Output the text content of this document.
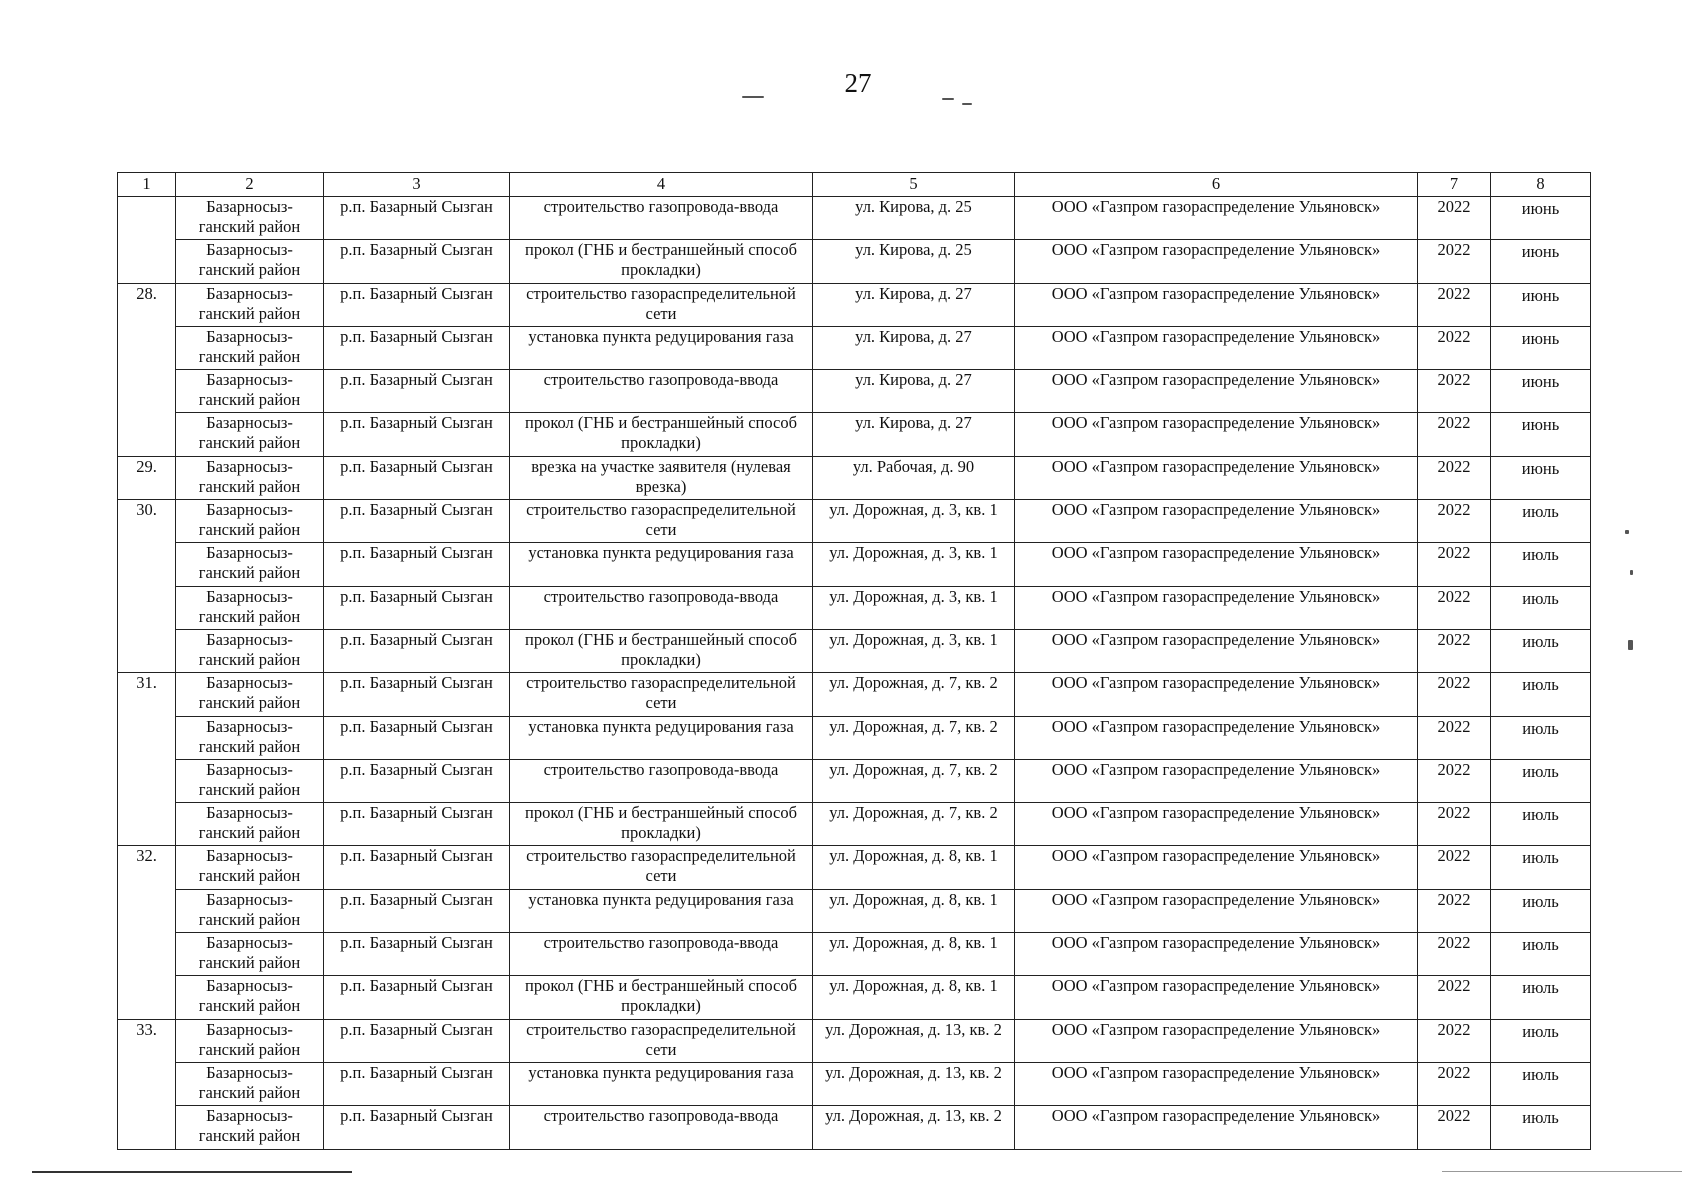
27
1	2	3	4	5	6	7	8
	Базарносыз-ганский район	р.п. Базарный Сызган	строительство газопровода-ввода	ул. Кирова, д. 25	ООО «Газпром газораспределение Ульяновск»	2022	июнь
	Базарносыз-ганский район	р.п. Базарный Сызган	прокол (ГНБ и бестраншейный способ прокладки)	ул. Кирова, д. 25	ООО «Газпром газораспределение Ульяновск»	2022	июнь
28.	Базарносыз-ганский район	р.п. Базарный Сызган	строительство газораспределительной сети	ул. Кирова, д. 27	ООО «Газпром газораспределение Ульяновск»	2022	июнь
	Базарносыз-ганский район	р.п. Базарный Сызган	установка пункта редуцирования газа	ул. Кирова, д. 27	ООО «Газпром газораспределение Ульяновск»	2022	июнь
	Базарносыз-ганский район	р.п. Базарный Сызган	строительство газопровода-ввода	ул. Кирова, д. 27	ООО «Газпром газораспределение Ульяновск»	2022	июнь
	Базарносыз-ганский район	р.п. Базарный Сызган	прокол (ГНБ и бестраншейный способ прокладки)	ул. Кирова, д. 27	ООО «Газпром газораспределение Ульяновск»	2022	июнь
29.	Базарносыз-ганский район	р.п. Базарный Сызган	врезка на участке заявителя (нулевая врезка)	ул. Рабочая, д. 90	ООО «Газпром газораспределение Ульяновск»	2022	июнь
30.	Базарносыз-ганский район	р.п. Базарный Сызган	строительство газораспределительной сети	ул. Дорожная, д. 3, кв. 1	ООО «Газпром газораспределение Ульяновск»	2022	июль
	Базарносыз-ганский район	р.п. Базарный Сызган	установка пункта редуцирования газа	ул. Дорожная, д. 3, кв. 1	ООО «Газпром газораспределение Ульяновск»	2022	июль
	Базарносыз-ганский район	р.п. Базарный Сызган	строительство газопровода-ввода	ул. Дорожная, д. 3, кв. 1	ООО «Газпром газораспределение Ульяновск»	2022	июль
	Базарносыз-ганский район	р.п. Базарный Сызган	прокол (ГНБ и бестраншейный способ прокладки)	ул. Дорожная, д. 3, кв. 1	ООО «Газпром газораспределение Ульяновск»	2022	июль
31.	Базарносыз-ганский район	р.п. Базарный Сызган	строительство газораспределительной сети	ул. Дорожная, д. 7, кв. 2	ООО «Газпром газораспределение Ульяновск»	2022	июль
	Базарносыз-ганский район	р.п. Базарный Сызган	установка пункта редуцирования газа	ул. Дорожная, д. 7, кв. 2	ООО «Газпром газораспределение Ульяновск»	2022	июль
	Базарносыз-ганский район	р.п. Базарный Сызган	строительство газопровода-ввода	ул. Дорожная, д. 7, кв. 2	ООО «Газпром газораспределение Ульяновск»	2022	июль
	Базарносыз-ганский район	р.п. Базарный Сызган	прокол (ГНБ и бестраншейный способ прокладки)	ул. Дорожная, д. 7, кв. 2	ООО «Газпром газораспределение Ульяновск»	2022	июль
32.	Базарносыз-ганский район	р.п. Базарный Сызган	строительство газораспределительной сети	ул. Дорожная, д. 8, кв. 1	ООО «Газпром газораспределение Ульяновск»	2022	июль
	Базарносыз-ганский район	р.п. Базарный Сызган	установка пункта редуцирования газа	ул. Дорожная, д. 8, кв. 1	ООО «Газпром газораспределение Ульяновск»	2022	июль
	Базарносыз-ганский район	р.п. Базарный Сызган	строительство газопровода-ввода	ул. Дорожная, д. 8, кв. 1	ООО «Газпром газораспределение Ульяновск»	2022	июль
	Базарносыз-ганский район	р.п. Базарный Сызган	прокол (ГНБ и бестраншейный способ прокладки)	ул. Дорожная, д. 8, кв. 1	ООО «Газпром газораспределение Ульяновск»	2022	июль
33.	Базарносыз-ганский район	р.п. Базарный Сызган	строительство газораспределительной сети	ул. Дорожная, д. 13, кв. 2	ООО «Газпром газораспределение Ульяновск»	2022	июль
	Базарносыз-ганский район	р.п. Базарный Сызган	установка пункта редуцирования газа	ул. Дорожная, д. 13, кв. 2	ООО «Газпром газораспределение Ульяновск»	2022	июль
	Базарносыз-ганский район	р.п. Базарный Сызган	строительство газопровода-ввода	ул. Дорожная, д. 13, кв. 2	ООО «Газпром газораспределение Ульяновск»	2022	июль
